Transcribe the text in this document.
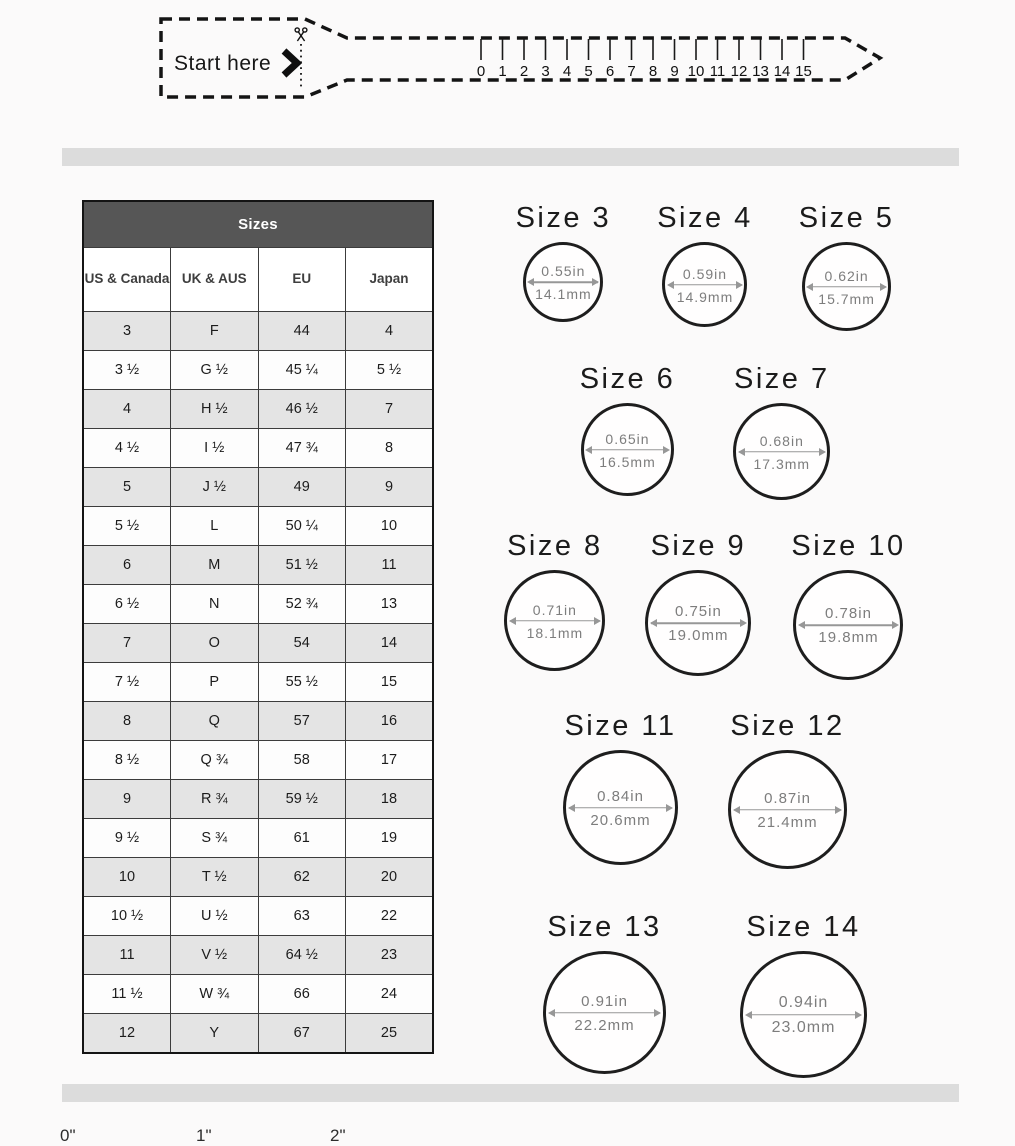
Start here	0 1 2 3 4 5 6 7 8 9 10 11 12 13 14 15
Sizes			
US & Canada	UK & AUS	EU	Japan
3	F	44	4
3 ½	G ½	45 ¼	5 ½
4	H ½	46 ½	7
4 ½	I ½	47 ¾	8
5	J ½	49	9
5 ½	L	50 ¼	10
6	M	51 ½	11
6 ½	N	52 ¾	13
7	O	54	14
7 ½	P	55 ½	15
8	Q	57	16
8 ½	Q ¾	58	17
9	R ¾	59 ½	18
9 ½	S ¾	61	19
10	T ½	62	20
10 ½	U ½	63	22
11	V ½	64 ½	23
11 ½	W ¾	66	24
12	Y	67	25
Size 3
0.55in
14.1mm
Size 4
0.59in
14.9mm
Size 5
0.62in
15.7mm
Size 6
0.65in
16.5mm
Size 7
0.68in
17.3mm
Size 8
0.71in
18.1mm
Size 9
0.75in
19.0mm
Size 10
0.78in
19.8mm
Size 11
0.84in
20.6mm
Size 12
0.87in
21.4mm
Size 13
0.91in
22.2mm
Size 14
0.94in
23.0mm
0"	1"	2"
